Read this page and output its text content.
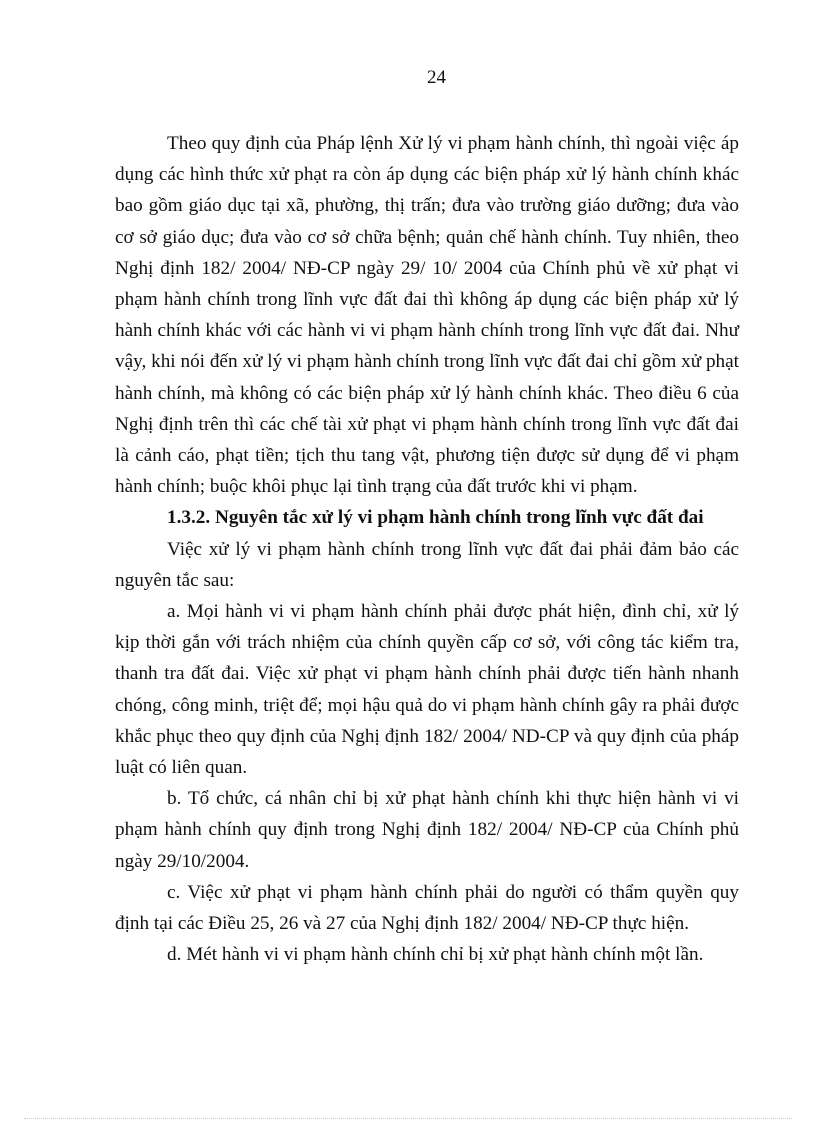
24

Theo quy định của Pháp lệnh Xử lý vi phạm hành chính, thì ngoài việc áp dụng các hình thức xử phạt ra còn áp dụng các biện pháp xử lý hành chính khác bao gồm giáo dục tại xã, phường, thị trấn; đưa vào trường giáo dưỡng; đưa vào cơ sở giáo dục; đưa vào cơ sở chữa bệnh; quản chế hành chính. Tuy nhiên, theo Nghị định 182/ 2004/ NĐ-CP ngày 29/ 10/ 2004 của Chính phủ về xử phạt vi phạm hành chính trong lĩnh vực đất đai thì không áp dụng các biện pháp xử lý hành chính khác với các hành vi vi phạm hành chính trong lĩnh vực đất đai. Như vậy, khi nói đến xử lý vi phạm hành chính trong lĩnh vực đất đai chỉ gồm xử phạt hành chính, mà không có các biện pháp xử lý hành chính khác. Theo điều 6 của Nghị định trên thì các chế tài xử phạt vi phạm hành chính trong lĩnh vực đất đai là cảnh cáo, phạt tiền; tịch thu tang vật, phương tiện được sử dụng để vi phạm hành chính; buộc khôi phục lại tình trạng của đất trước khi vi phạm.

1.3.2. Nguyên tắc xử lý vi phạm hành chính trong lĩnh vực đất đai

Việc xử lý vi phạm hành chính trong lĩnh vực đất đai phải đảm bảo các nguyên tắc sau:

a. Mọi hành vi vi phạm hành chính phải được phát hiện, đình chỉ, xử lý kịp thời gắn với trách nhiệm của chính quyền cấp cơ sở, với công tác kiểm tra, thanh tra đất đai. Việc xử phạt vi phạm hành chính phải được tiến hành nhanh chóng, công minh, triệt để; mọi hậu quả do vi phạm hành chính gây ra phải được khắc phục theo quy định của Nghị định 182/ 2004/ ND-CP và quy định của pháp luật có liên quan.

b. Tổ chức, cá nhân chỉ bị xử phạt hành chính khi thực hiện hành vi vi phạm hành chính quy định trong Nghị định 182/ 2004/ NĐ-CP của Chính phủ ngày 29/10/2004.

c. Việc xử phạt vi phạm hành chính phải do người có thẩm quyền quy định tại các Điều 25, 26 và 27 của Nghị định 182/ 2004/ NĐ-CP thực hiện.

d. Mét hành vi vi phạm hành chính chỉ bị xử phạt hành chính một lần.
